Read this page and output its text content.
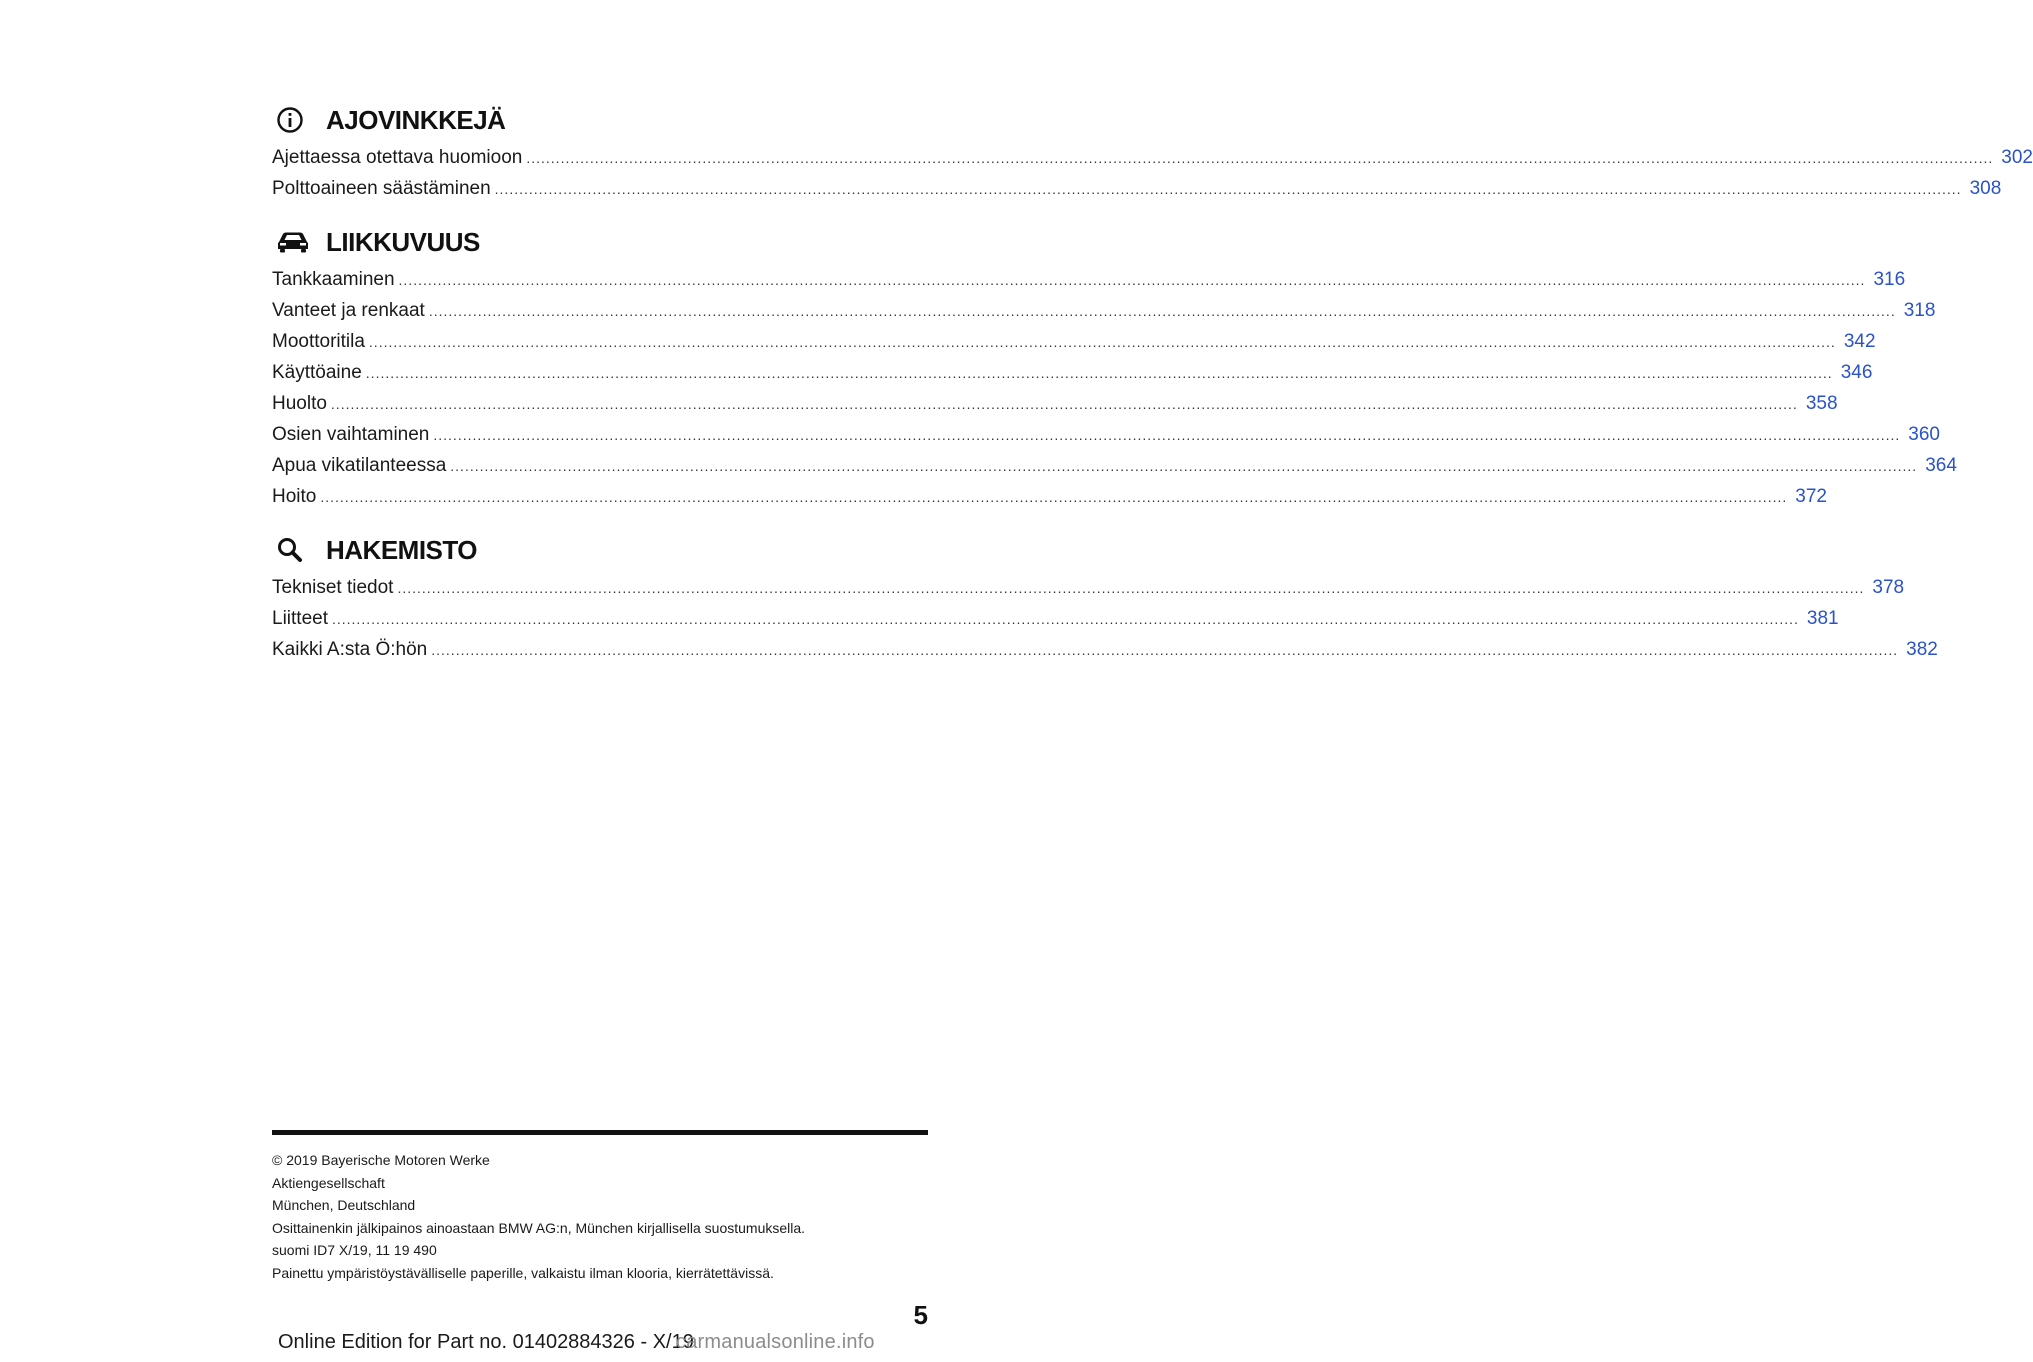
AJOVINKKEJÄ
Ajettaessa otettava huomioon ............................................................................................................................................................................................................................................................................................................ 302
Polttoaineen säästäminen ............................................................................................................................................................................................................................................................................................................ 308
LIIKKUVUUS
Tankkaaminen ............................................................................................................................................................................................................................................................................................................ 316
Vanteet ja renkaat ............................................................................................................................................................................................................................................................................................................ 318
Moottoritila ............................................................................................................................................................................................................................................................................................................ 342
Käyttöaine ............................................................................................................................................................................................................................................................................................................ 346
Huolto ............................................................................................................................................................................................................................................................................................................ 358
Osien vaihtaminen ............................................................................................................................................................................................................................................................................................................ 360
Apua vikatilanteessa ............................................................................................................................................................................................................................................................................................................ 364
Hoito ............................................................................................................................................................................................................................................................................................................ 372
HAKEMISTO
Tekniset tiedot ............................................................................................................................................................................................................................................................................................................ 378
Liitteet ............................................................................................................................................................................................................................................................................................................ 381
Kaikki A:sta Ö:hön ............................................................................................................................................................................................................................................................................................................ 382
© 2019 Bayerische Motoren Werke
Aktiengesellschaft
München, Deutschland
Osittainenkin jälkipainos ainoastaan BMW AG:n, München kirjallisella suostumuksella.
suomi ID7 X/19, 11 19 490
Painettu ympäristöystävälliselle paperille, valkaistu ilman klooria, kierrätettävissä.
5
Online Edition for Part no. 01402884326 - X/19
carmanualsonline.info
